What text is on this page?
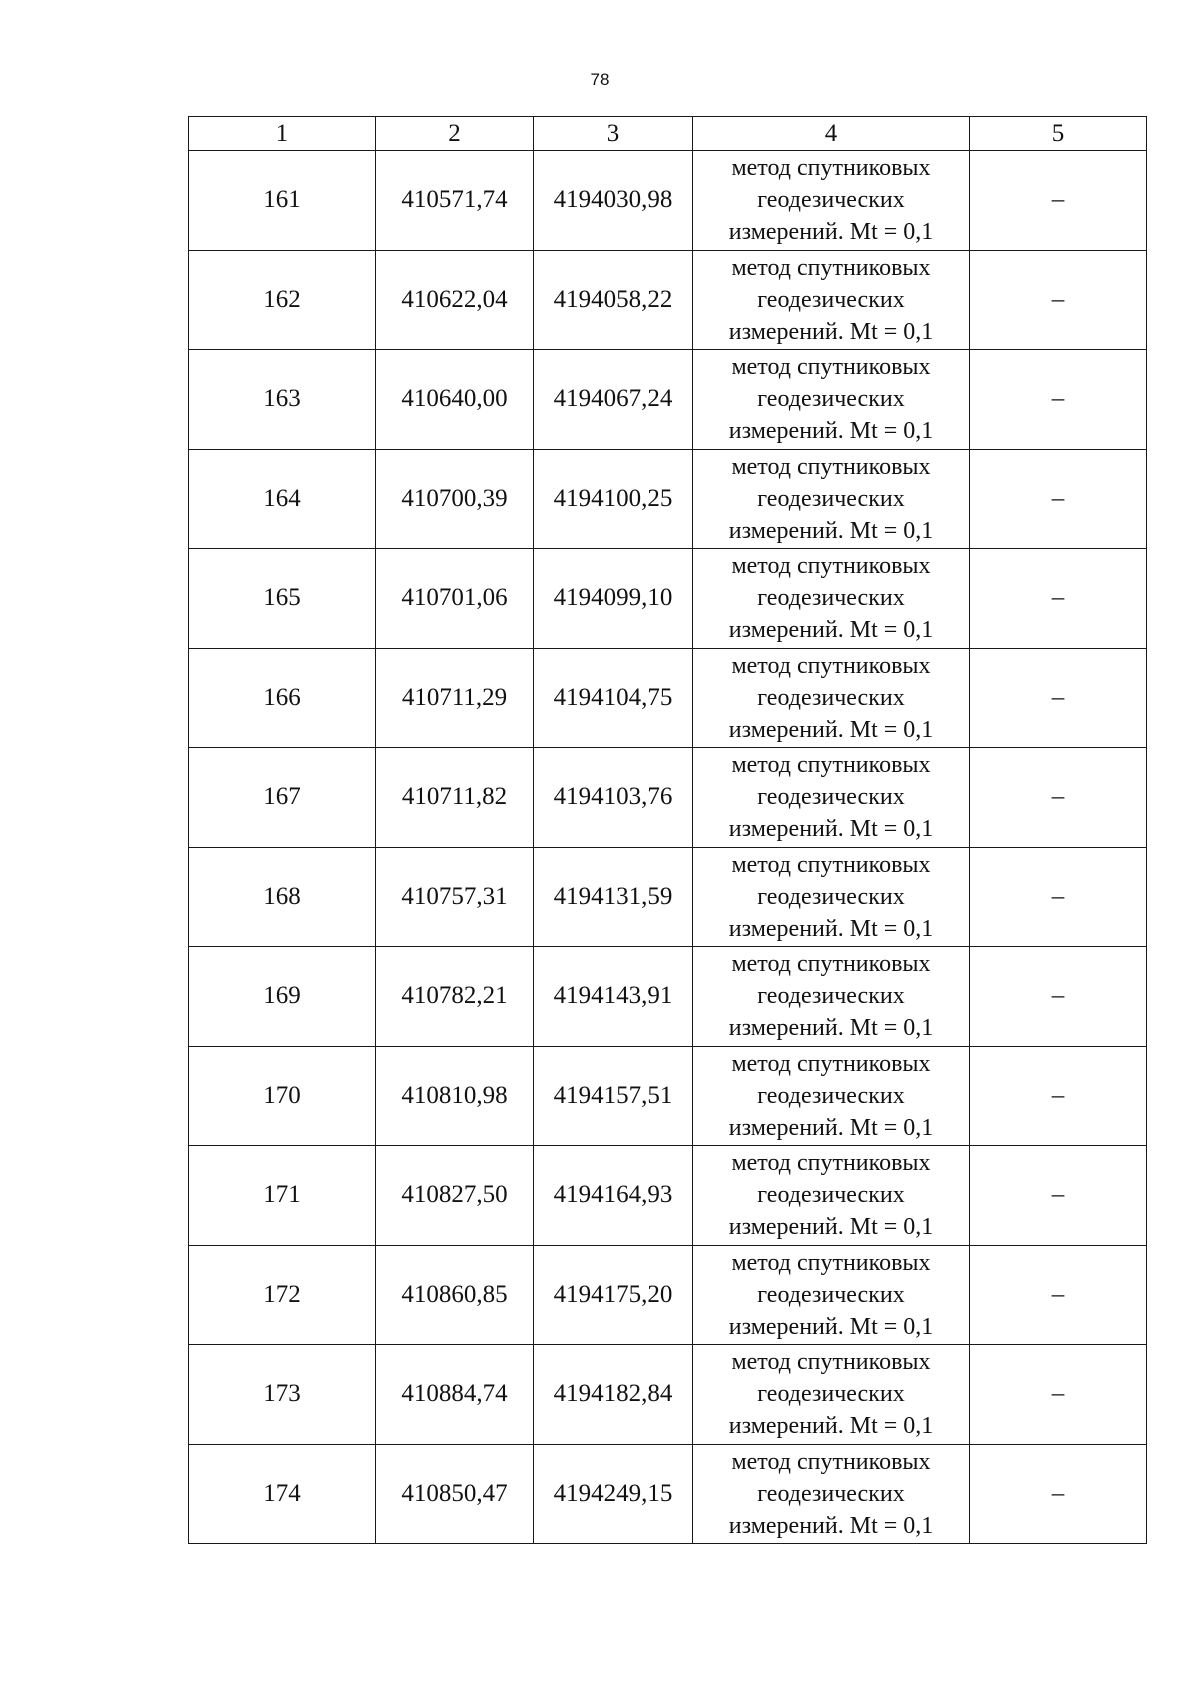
78
1	2	3	4	5
161	410571,74	4194030,98	метод спутниковых
геодезических
измерений. Mt = 0,1	–
162	410622,04	4194058,22	метод спутниковых
геодезических
измерений. Mt = 0,1	–
163	410640,00	4194067,24	метод спутниковых
геодезических
измерений. Mt = 0,1	–
164	410700,39	4194100,25	метод спутниковых
геодезических
измерений. Mt = 0,1	–
165	410701,06	4194099,10	метод спутниковых
геодезических
измерений. Mt = 0,1	–
166	410711,29	4194104,75	метод спутниковых
геодезических
измерений. Mt = 0,1	–
167	410711,82	4194103,76	метод спутниковых
геодезических
измерений. Mt = 0,1	–
168	410757,31	4194131,59	метод спутниковых
геодезических
измерений. Mt = 0,1	–
169	410782,21	4194143,91	метод спутниковых
геодезических
измерений. Mt = 0,1	–
170	410810,98	4194157,51	метод спутниковых
геодезических
измерений. Mt = 0,1	–
171	410827,50	4194164,93	метод спутниковых
геодезических
измерений. Mt = 0,1	–
172	410860,85	4194175,20	метод спутниковых
геодезических
измерений. Mt = 0,1	–
173	410884,74	4194182,84	метод спутниковых
геодезических
измерений. Mt = 0,1	–
174	410850,47	4194249,15	метод спутниковых
геодезических
измерений. Mt = 0,1	–
